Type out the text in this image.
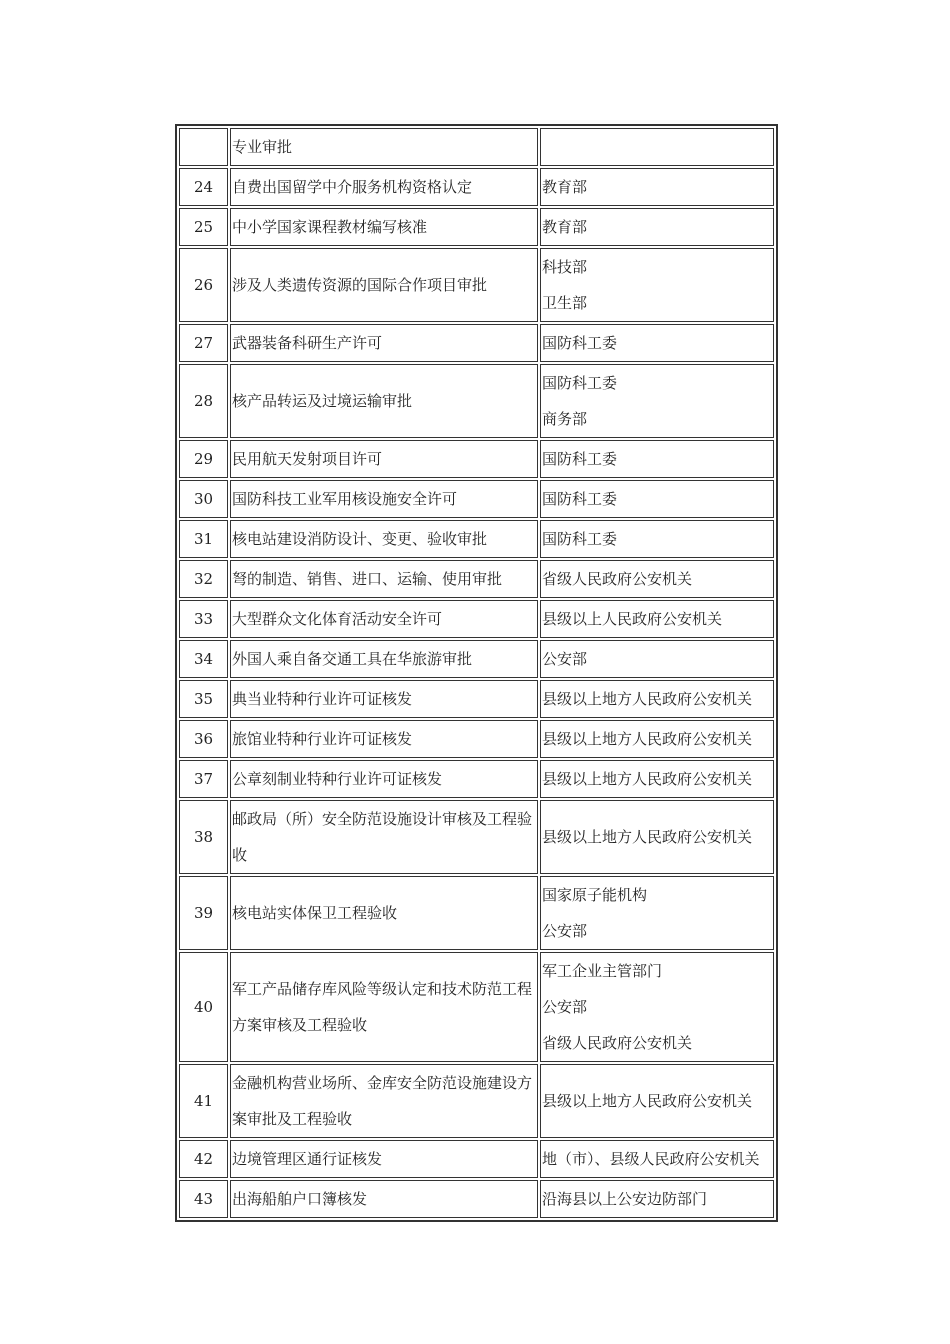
	专业审批	

24	自费出国留学中介服务机构资格认定	教育部

25	中小学国家课程教材编写核准	教育部

26	涉及人类遗传资源的国际合作项目审批	科技部
卫生部

27	武器装备科研生产许可	国防科工委

28	核产品转运及过境运输审批	国防科工委
商务部

29	民用航天发射项目许可	国防科工委

30	国防科技工业军用核设施安全许可	国防科工委

31	核电站建设消防设计、变更、验收审批	国防科工委

32	弩的制造、销售、进口、运输、使用审批	省级人民政府公安机关

33	大型群众文化体育活动安全许可	县级以上人民政府公安机关

34	外国人乘自备交通工具在华旅游审批	公安部

35	典当业特种行业许可证核发	县级以上地方人民政府公安机关

36	旅馆业特种行业许可证核发	县级以上地方人民政府公安机关

37	公章刻制业特种行业许可证核发	县级以上地方人民政府公安机关

38	邮政局（所）安全防范设施设计审核及工程验收	县级以上地方人民政府公安机关

39	核电站实体保卫工程验收	国家原子能机构
公安部

40	军工产品储存库风险等级认定和技术防范工程方案审核及工程验收	军工企业主管部门
公安部
省级人民政府公安机关

41	金融机构营业场所、金库安全防范设施建设方案审批及工程验收	县级以上地方人民政府公安机关

42	边境管理区通行证核发	地（市）、县级人民政府公安机关

43	出海船舶户口簿核发	沿海县以上公安边防部门
